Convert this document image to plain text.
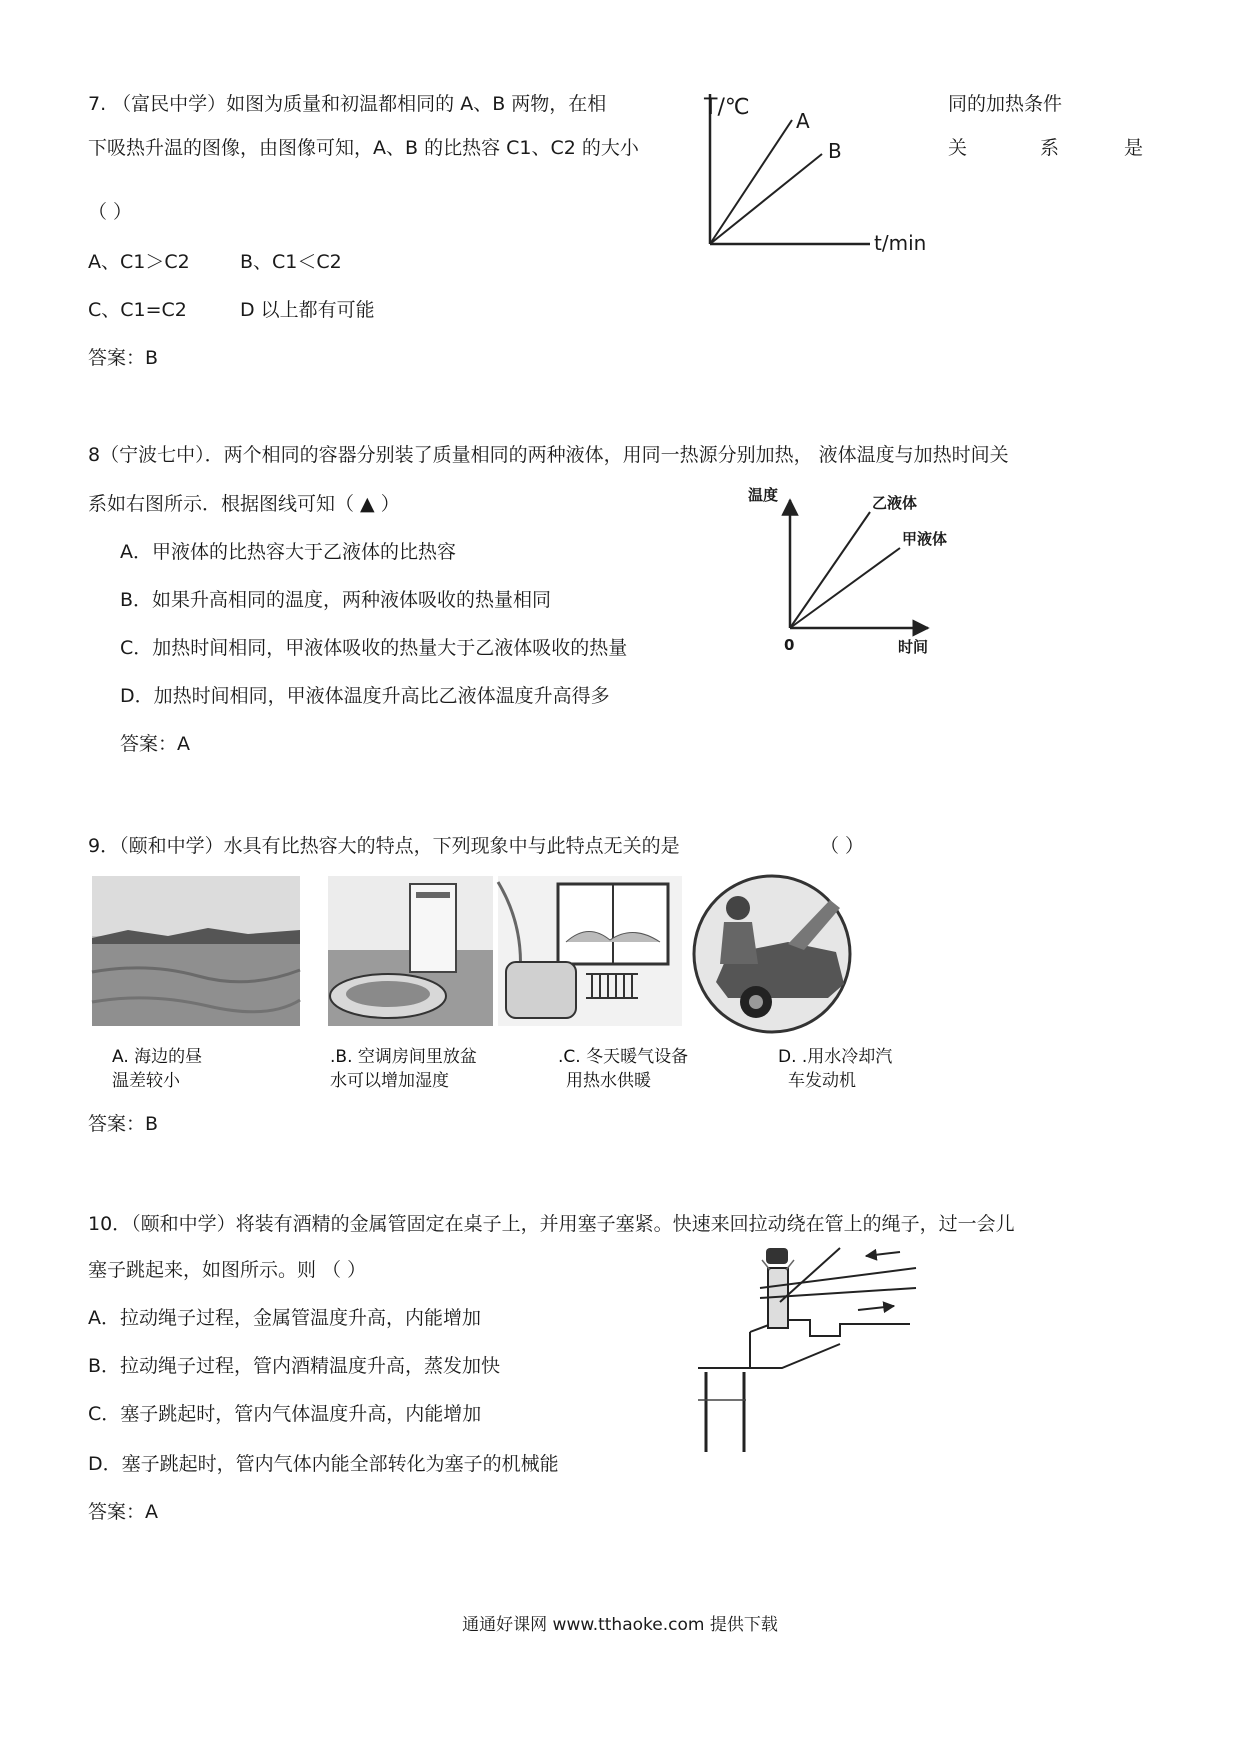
7. （富民中学）如图为质量和初温都相同的 A、B 两物，在相	同的加热条件
下吸热升温的图像，由图像可知，A、B 的比热容 C1、C2 的大小	关	系	是
（ ）
A、C1＞C2	B、C1＜C2
C、C1=C2	D 以上都有可能
答案：B
T/℃
t/min
A
B
8（宁波七中）．两个相同的容器分别装了质量相同的两种液体，用同一热源分别加热， 液体温度与加热时间关
系如右图所示．根据图线可知（ ▲ ）
A．甲液体的比热容大于乙液体的比热容
B．如果升高相同的温度，两种液体吸收的热量相同
C．加热时间相同，甲液体吸收的热量大于乙液体吸收的热量
D．加热时间相同，甲液体温度升高比乙液体温度升高得多
答案：A
温度
时间
0
乙液体
甲液体
9．（颐和中学）水具有比热容大的特点，下列现象中与此特点无关的是	（ ）
A. 海边的昼
温差较小
.B. 空调房间里放盆
水可以增加湿度
.C. 冬天暖气设备
用热水供暖
D. .用水冷却汽
车发动机
答案：B
10．（颐和中学）将装有酒精的金属管固定在桌子上，并用塞子塞紧。快速来回拉动绕在管上的绳子，过一会儿
塞子跳起来，如图所示。则 （ ）
A．拉动绳子过程，金属管温度升高，内能增加
B．拉动绳子过程，管内酒精温度升高，蒸发加快
C．塞子跳起时，管内气体温度升高，内能增加
D．塞子跳起时，管内气体内能全部转化为塞子的机械能
答案：A
通通好课网 www.tthaoke.com 提供下载
